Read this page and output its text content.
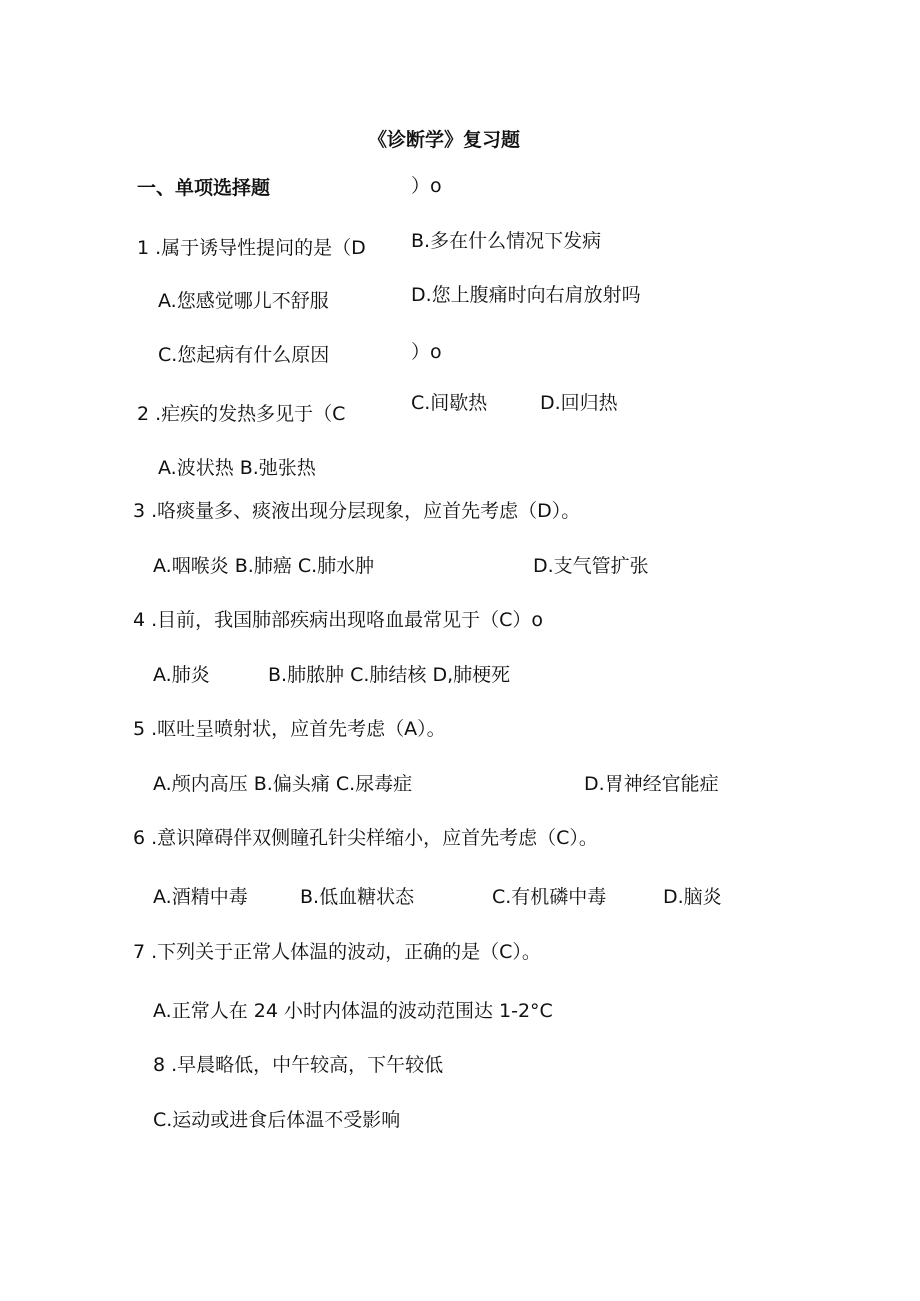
《诊断学》复习题
一、单项选择题
1 .属于诱导性提问的是（D
A.您感觉哪儿不舒服
C.您起病有什么原因
）o
B.多在什么情况下发病
D.您上腹痛时向右肩放射吗
）o
C.间歇热	D.回归热
2 .疟疾的发热多见于（C
A.波状热 B.弛张热
3 .咯痰量多、痰液出现分层现象，应首先考虑（D）。
A.咽喉炎 B.肺癌 C.肺水肿	D.支气管扩张
4 .目前，我国肺部疾病出现咯血最常见于（C）o
A.肺炎	B.肺脓肿 C.肺结核 D,肺梗死
5 .呕吐呈喷射状，应首先考虑（A）。
A.颅内高压 B.偏头痛 C.尿毒症	D.胃神经官能症
6 .意识障碍伴双侧瞳孔针尖样缩小，应首先考虑（C）。
A.酒精中毒	B.低血糖状态	C.有机磷中毒	D.脑炎
7 .下列关于正常人体温的波动，正确的是（C）。
A.正常人在 24 小时内体温的波动范围达 1-2°C
8 .早晨略低，中午较高，下午较低
C.运动或进食后体温不受影响
